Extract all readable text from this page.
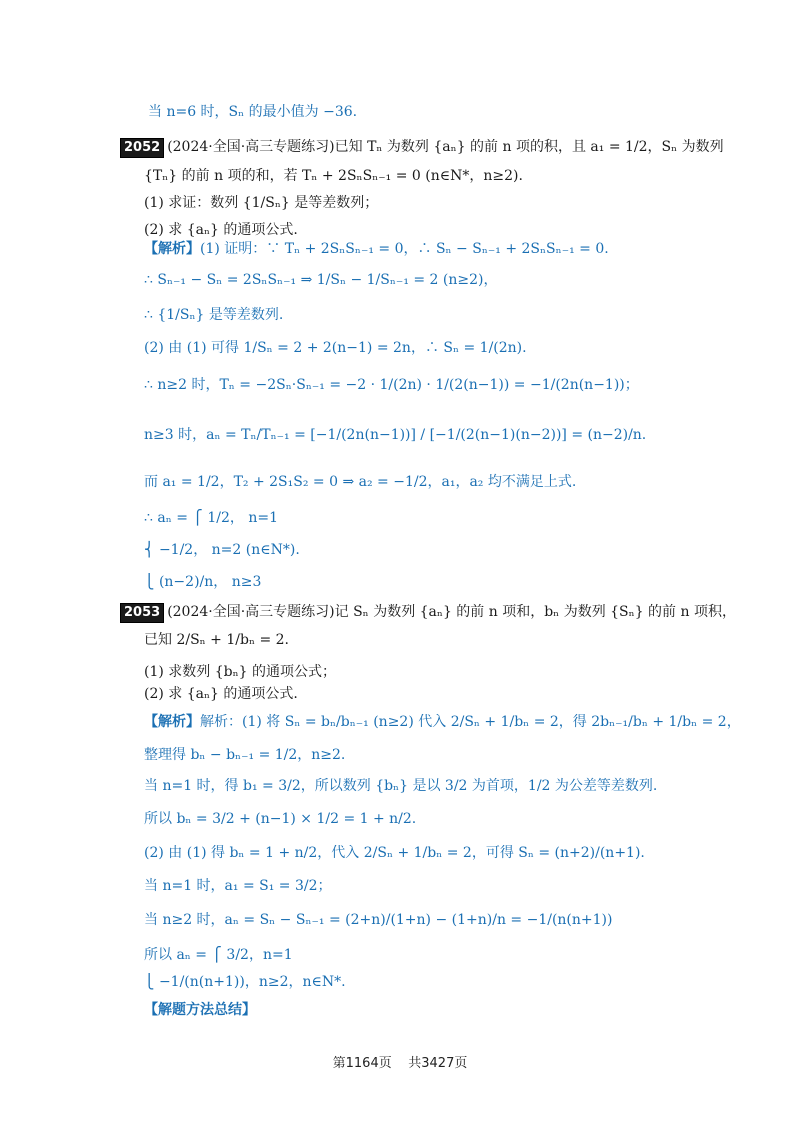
当 n=6 时，Sₙ 的最小值为 −36.
2052 (2024·全国·高三专题练习)已知 Tₙ 为数列 {aₙ} 的前 n 项的积，且 a₁ = 1/2，Sₙ 为数列
{Tₙ} 的前 n 项的和，若 Tₙ + 2SₙSₙ₋₁ = 0 (n∈N*，n≥2).
(1) 求证：数列 {1/Sₙ} 是等差数列；
(2) 求 {aₙ} 的通项公式.
【解析】(1) 证明：∵ Tₙ + 2SₙSₙ₋₁ = 0，∴ Sₙ − Sₙ₋₁ + 2SₙSₙ₋₁ = 0.
∴ Sₙ₋₁ − Sₙ = 2SₙSₙ₋₁ ⇒ 1/Sₙ − 1/Sₙ₋₁ = 2 (n≥2)，
∴ {1/Sₙ} 是等差数列.
(2) 由 (1) 可得 1/Sₙ = 2 + 2(n−1) = 2n，∴ Sₙ = 1/(2n).
∴ n≥2 时，Tₙ = −2Sₙ·Sₙ₋₁ = −2 · 1/(2n) · 1/(2(n−1)) = −1/(2n(n−1))；
n≥3 时，aₙ = Tₙ/Tₙ₋₁ = [−1/(2n(n−1))] / [−1/(2(n−1)(n−2))] = (n−2)/n.
而 a₁ = 1/2，T₂ + 2S₁S₂ = 0 ⇒ a₂ = −1/2，a₁，a₂ 均不满足上式.
∴ aₙ = ⎧ 1/2， n=1
⎨ −1/2， n=2 (n∈N*).
⎩ (n−2)/n， n≥3
2053 (2024·全国·高三专题练习)记 Sₙ 为数列 {aₙ} 的前 n 项和，bₙ 为数列 {Sₙ} 的前 n 项积，
已知 2/Sₙ + 1/bₙ = 2.
(1) 求数列 {bₙ} 的通项公式；
(2) 求 {aₙ} 的通项公式.
【解析】解析：(1) 将 Sₙ = bₙ/bₙ₋₁ (n≥2) 代入 2/Sₙ + 1/bₙ = 2，得 2bₙ₋₁/bₙ + 1/bₙ = 2，
整理得 bₙ − bₙ₋₁ = 1/2，n≥2.
当 n=1 时，得 b₁ = 3/2，所以数列 {bₙ} 是以 3/2 为首项，1/2 为公差等差数列.
所以 bₙ = 3/2 + (n−1) × 1/2 = 1 + n/2.
(2) 由 (1) 得 bₙ = 1 + n/2，代入 2/Sₙ + 1/bₙ = 2，可得 Sₙ = (n+2)/(n+1).
当 n=1 时，a₁ = S₁ = 3/2；
当 n≥2 时，aₙ = Sₙ − Sₙ₋₁ = (2+n)/(1+n) − (1+n)/n = −1/(n(n+1))
所以 aₙ = ⎧ 3/2，n=1
⎩ −1/(n(n+1))，n≥2，n∈N*.
【解题方法总结】
第1164页 共3427页
